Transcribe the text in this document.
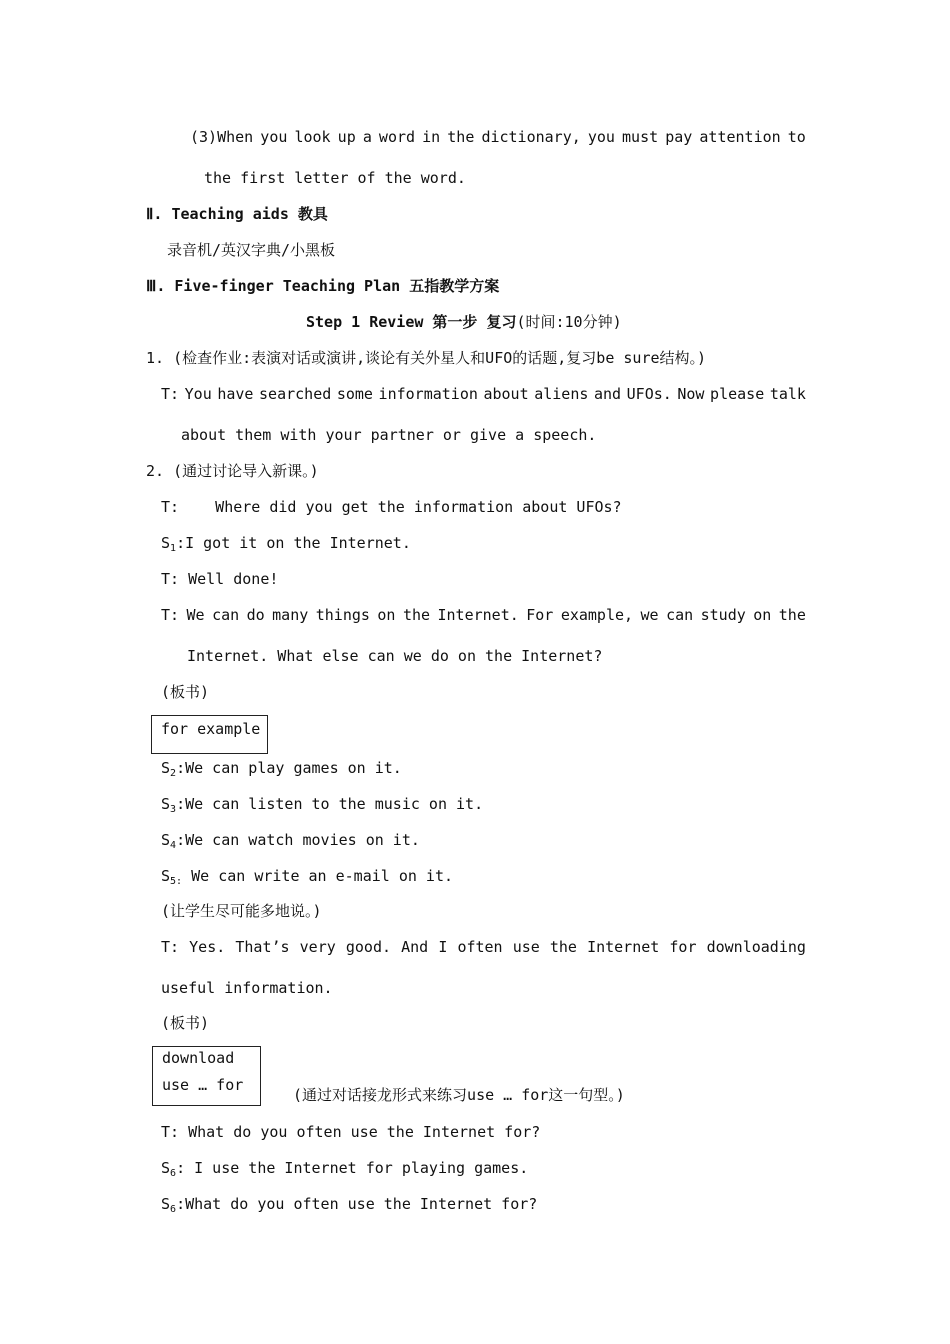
(3)When you look up a word in the dictionary, you must pay attention to
the first letter of the word.
Ⅱ. Teaching aids 教具
录音机/英汉字典/小黑板
Ⅲ. Five-finger Teaching Plan 五指教学方案
Step 1 Review 第一步 复习(时间:10分钟)
1. (检查作业:表演对话或演讲,谈论有关外星人和UFO的话题,复习be sure结构。)
T: You have searched some information about aliens and UFOs. Now please talk
about them with your partner or give a speech.
2. (通过讨论导入新课。)
T:    Where did you get the information about UFOs?
$S_1:I$ got it on the Internet.
T: Well done!
T: We can do many things on the Internet. For example, we can study on the
Internet. What else can we do on the Internet?
(板书)
for example
$S_2:We$ can play games on it.
$S_3:We$ can listen to the music on it.
$S_4:We$ can watch movies on it.
$S_{5:}$ We can write an e-mail on it.
(让学生尽可能多地说。)
T: Yes. That’s very good. And I often use the Internet for downloading
useful information.
(板书)
download
use … for
(通过对话接龙形式来练习use … for这一句型。)
T: What do you often use the Internet for?
$S_6$: I use the Internet for playing games.
$S_6:What$ do you often use the Internet for?
